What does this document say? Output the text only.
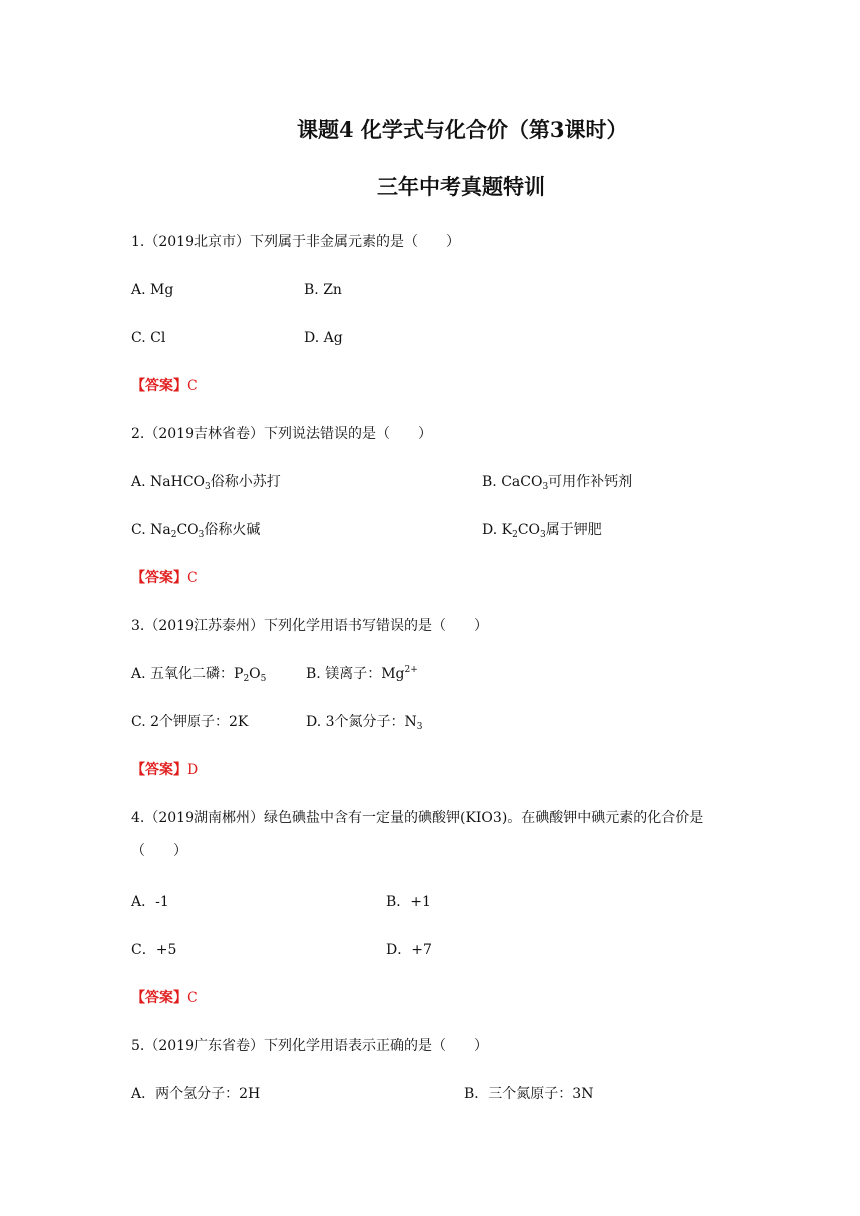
课题4 化学式与化合价（第3课时）
三年中考真题特训
1.（2019北京市）下列属于非金属元素的是（　　）
A. Mg	B. Zn
C. Cl	D. Ag
【答案】C
2.（2019吉林省卷）下列说法错误的是（　　）
A. NaHCO$_3$俗称小苏打	B. CaCO$_3$可用作补钙剂
C. $Na_2CO_3$俗称火碱	D. $K_2CO_3$属于钾肥
【答案】C
3.（2019江苏泰州）下列化学用语书写错误的是（　　）
A. 五氧化二磷：$P_2O_5$	B. 镁离子：$Mg^{2+}$
C. 2个钾原子：2K	D. 3个氮分子：$N_3$
【答案】D
4.（2019湖南郴州）绿色碘盐中含有一定量的碘酸钾(KIO3)。在碘酸钾中碘元素的化合价是
（　　）
A．-1	B．+1
C．+5	D．+7
【答案】C
5.（2019广东省卷）下列化学用语表示正确的是（　　）
A．两个氢分子：2H	B．三个氮原子：3N
